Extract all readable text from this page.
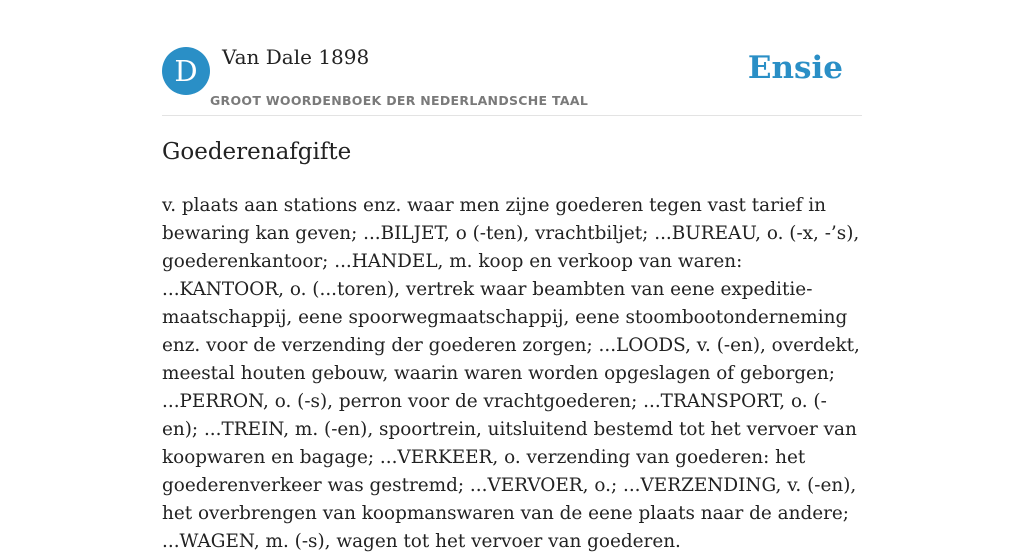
D	Van Dale 1898
GROOT WOORDENBOEK DER NEDERLANDSCHE TAAL
Ensie
Goederenafgifte

v. plaats aan stations enz. waar men zijne goederen tegen vast tarief in bewaring kan geven; ...BILJET, o (-ten), vrachtbiljet; ...BUREAU, o. (-x, -’s), goederenkantoor; ...HANDEL, m. koop en verkoop van waren: ...KANTOOR, o. (...toren), vertrek waar beambten van eene expeditie-maatschappij, eene spoorwegmaatschappij, eene stoombootonderneming enz. voor de verzending der goederen zorgen; ...LOODS, v. (-en), overdekt, meestal houten gebouw, waarin waren worden opgeslagen of geborgen; ...PERRON, o. (-s), perron voor de vrachtgoederen; ...TRANSPORT, o. (-en); ...TREIN, m. (-en), spoortrein, uitsluitend bestemd tot het vervoer van koopwaren en bagage; ...VERKEER, o. verzending van goederen: het goederenverkeer was gestremd; ...VERVOER, o.; ...VERZENDING, v. (-en), het overbrengen van koopmanswaren van de eene plaats naar de andere; ...WAGEN, m. (-s), wagen tot het vervoer van goederen.
